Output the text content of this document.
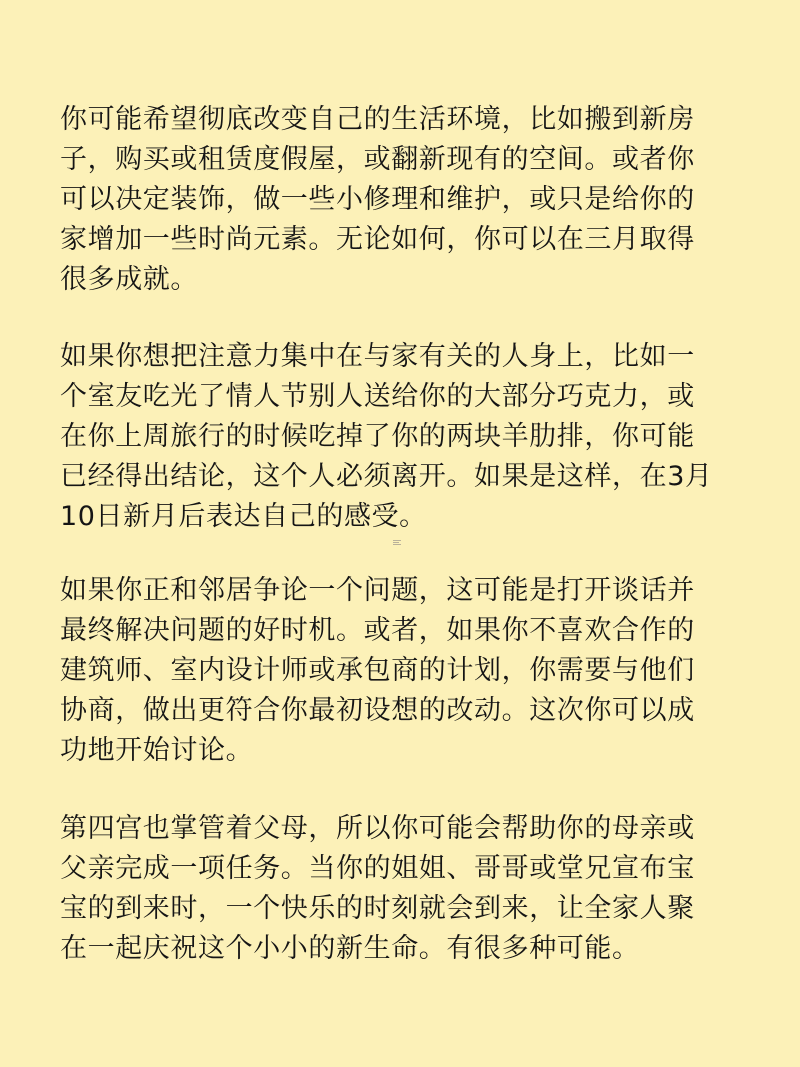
你可能希望彻底改变自己的生活环境，比如搬到新房
子，购买或租赁度假屋，或翻新现有的空间。或者你
可以决定装饰，做一些小修理和维护，或只是给你的
家增加一些时尚元素。无论如何，你可以在三月取得
很多成就。

如果你想把注意力集中在与家有关的人身上，比如一
个室友吃光了情人节别人送给你的大部分巧克力，或
在你上周旅行的时候吃掉了你的两块羊肋排，你可能
已经得出结论，这个人必须离开。如果是这样，在3月
10日新月后表达自己的感受。

如果你正和邻居争论一个问题，这可能是打开谈话并
最终解决问题的好时机。或者，如果你不喜欢合作的
建筑师、室内设计师或承包商的计划，你需要与他们
协商，做出更符合你最初设想的改动。这次你可以成
功地开始讨论。

第四宫也掌管着父母，所以你可能会帮助你的母亲或
父亲完成一项任务。当你的姐姐、哥哥或堂兄宣布宝
宝的到来时，一个快乐的时刻就会到来，让全家人聚
在一起庆祝这个小小的新生命。有很多种可能。
